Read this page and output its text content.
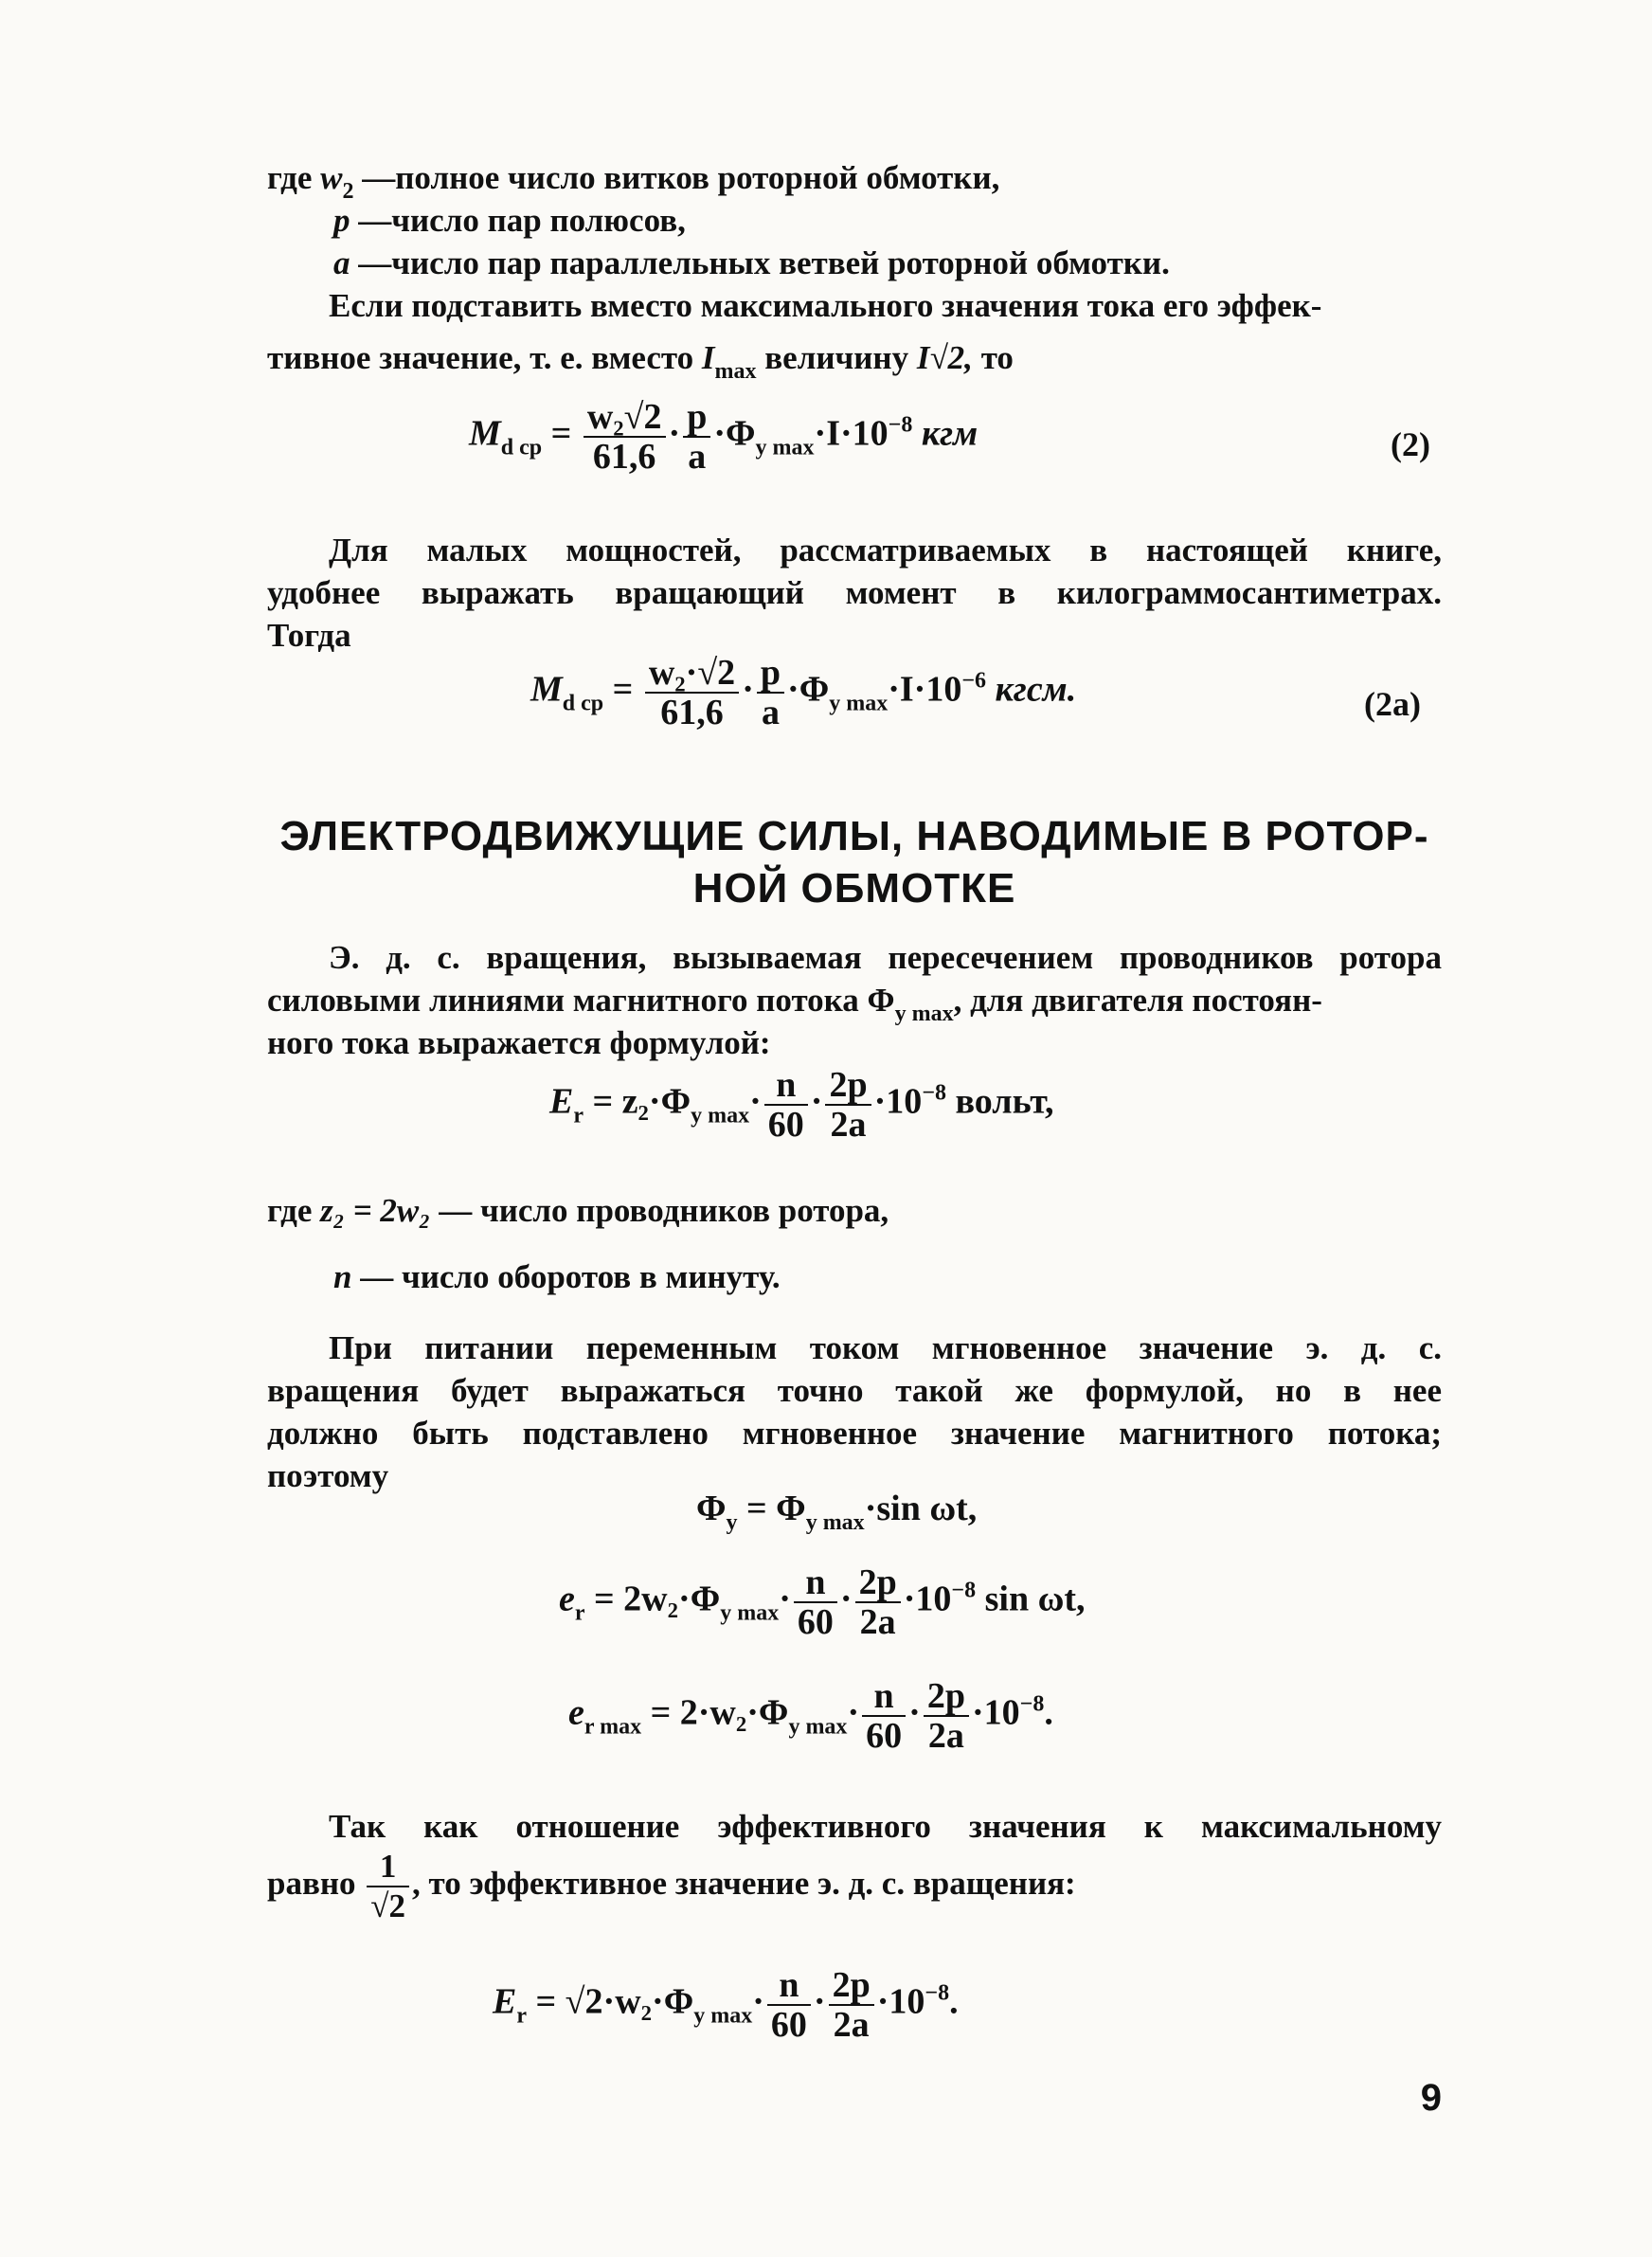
где $w_2$ —полное число витков роторной обмотки,
p —число пар полюсов,
a —число пар параллельных ветвей роторной обмотки.
Если подставить вместо максимального значения тока его эффек-
тивное значение, т. е. вместо $I_{max}$ величину I√2, то
$M_{d ср} = \frac{\text{w₂√2}}{61,6} \cdot \frac{p}{a} \cdot\Phi_{y max}\cdot I\cdot 10^{-8}$ кгм	(2)
Для малых мощностей, рассматриваемых в настоящей книге,
удобнее выражать вращающий момент в килограммосантиметрах.
Тогда
$M_{d ср} = \frac{\text{w₂·√2}}{61,6} \cdot \frac{p}{a} \cdot\Phi_{y max}\cdot I\cdot 10^{-6}$ кгсм.	(2a)
ЭЛЕКТРОДВИЖУЩИЕ СИЛЫ, НАВОДИМЫЕ В РОТОР-
НОЙ ОБМОТКЕ
Э. д. с. вращения, вызываемая пересечением проводников ротора
силовыми линиями магнитного потока $\Phi_{y max}$, для двигателя постоян-
ного тока выражается формулой:
$E_r = z_2\cdot\Phi_{y max}\cdot \frac{n}{60} \cdot \frac{2p}{2a} \cdot 10^{-8}$ вольт,
где z₂ = 2w₂ — число проводников ротора,
n — число оборотов в минуту.
При питании переменным током мгновенное значение э. д. с.
вращения будет выражаться точно такой же формулой, но в нее
должно быть подставлено мгновенное значение магнитного потока;
поэтому
$\Phi_y = \Phi_{y max}\cdot\sin$ ωt,
$e_r = 2w_2\cdot\Phi_{y max}\cdot \frac{n}{60} \cdot \frac{2p}{2a} \cdot 10^{-8}$ sin ωt,
$e_{r max} = 2\cdot w_2\cdot\Phi_{y max}\cdot \frac{n}{60} \cdot \frac{2p}{2a} \cdot 10^{-8}$.
Так как отношение эффективного значения к максимальному
равно $\frac{1}{√2}$ , то эффективное значение э. д. с. вращения:
$E_r = √2\cdot w_2\cdot\Phi_{y max}\cdot \frac{n}{60} \cdot \frac{2p}{2a} \cdot 10^{-8}$.
9
